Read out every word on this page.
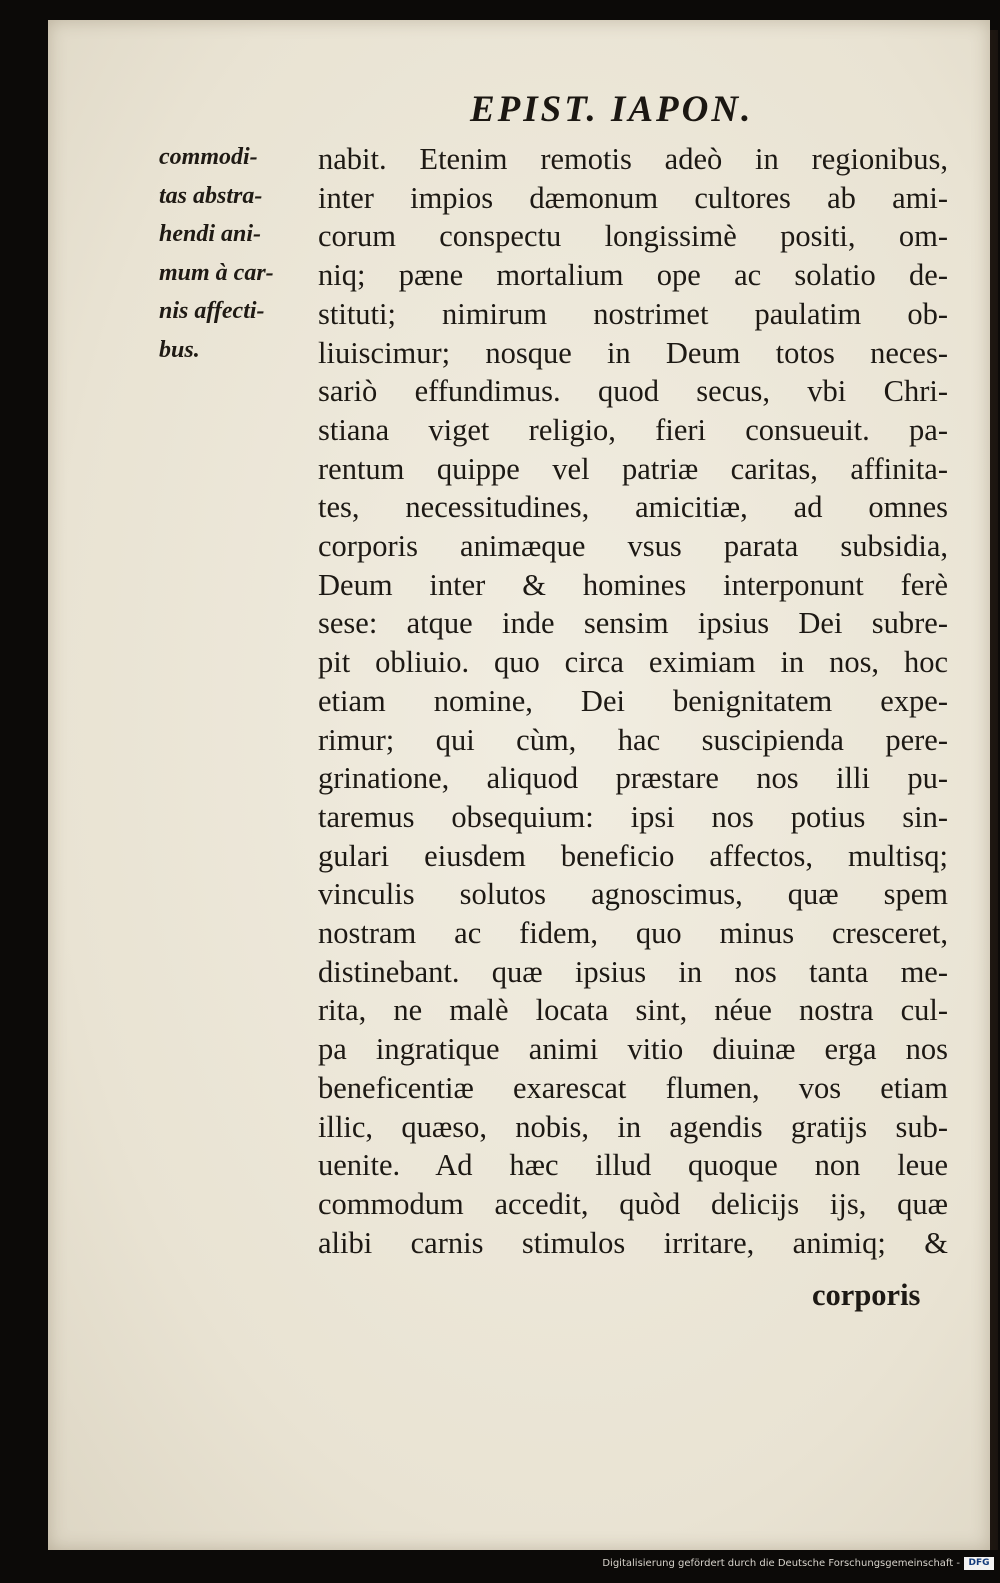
EPIST. IAPON.
commodi-
tas abstra-
hendi ani-
mum à car-
nis affecti-
bus.
nabit. Etenim remotis adeò in regionibus,
inter impios dæmonum cultores ab ami-
corum conspectu longissimè positi, om-
niq; pæne mortalium ope ac solatio de-
stituti; nimirum nostrimet paulatim ob-
liuiscimur; nosque in Deum totos neces-
sariò effundimus. quod secus, vbi Chri-
stiana viget religio, fieri consueuit. pa-
rentum quippe vel patriæ caritas, affinita-
tes, necessitudines, amicitiæ, ad omnes
corporis animæque vsus parata subsidia,
Deum inter & homines interponunt ferè
sese: atque inde sensim ipsius Dei subre-
pit obliuio. quo circa eximiam in nos, hoc
etiam nomine, Dei benignitatem expe-
rimur; qui cùm, hac suscipienda pere-
grinatione, aliquod præstare nos illi pu-
taremus obsequium: ipsi nos potius sin-
gulari eiusdem beneficio affectos, multisq;
vinculis solutos agnoscimus, quæ spem
nostram ac fidem, quo minus cresceret,
distinebant. quæ ipsius in nos tanta me-
rita, ne malè locata sint, néue nostra cul-
pa ingratique animi vitio diuinæ erga nos
beneficentiæ exarescat flumen, vos etiam
illic, quæso, nobis, in agendis gratijs sub-
uenite. Ad hæc illud quoque non leue
commodum accedit, quòd delicijs ijs, quæ
alibi carnis stimulos irritare, animiq; &
corporis
Digitalisierung gefördert durch die Deutsche Forschungsgemeinschaft - DFG
